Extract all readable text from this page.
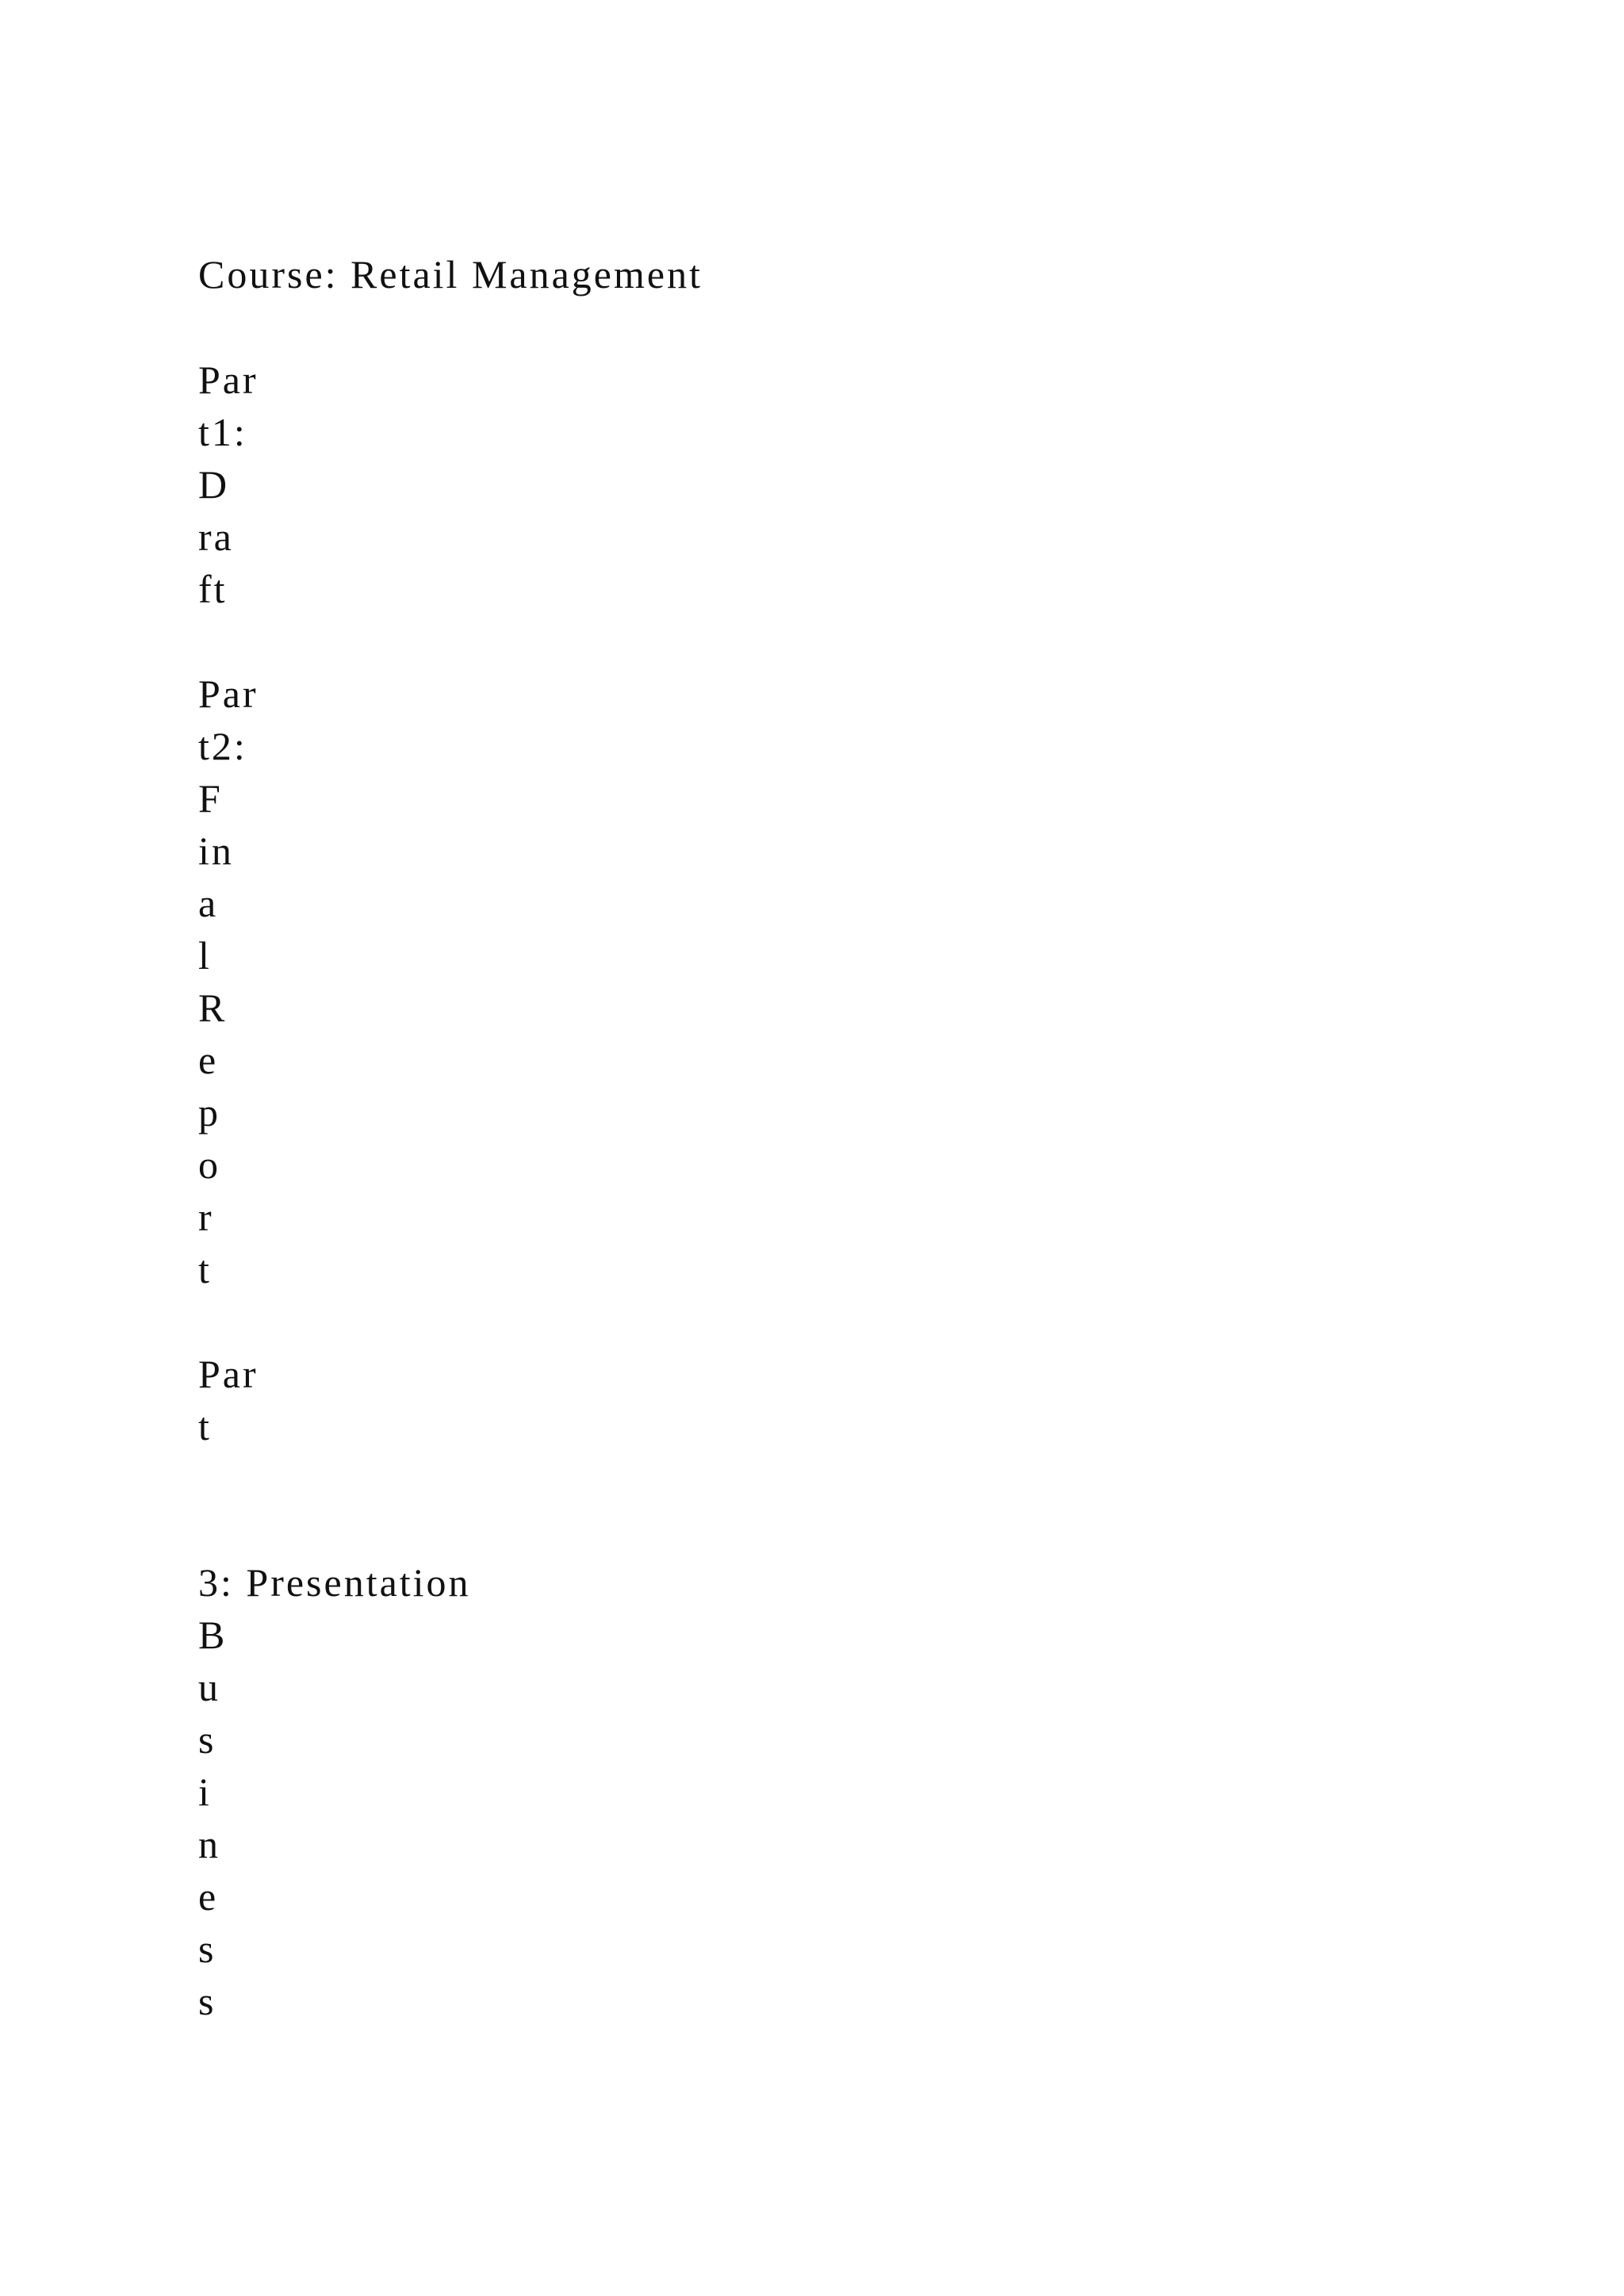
Course: Retail Management

Par

t1:

D

ra

ft

Par

t2:

F

in

a

l

R

e

p

o

r

t

Par

t

3: Presentation

B

u

s

i

n

e

s

s
